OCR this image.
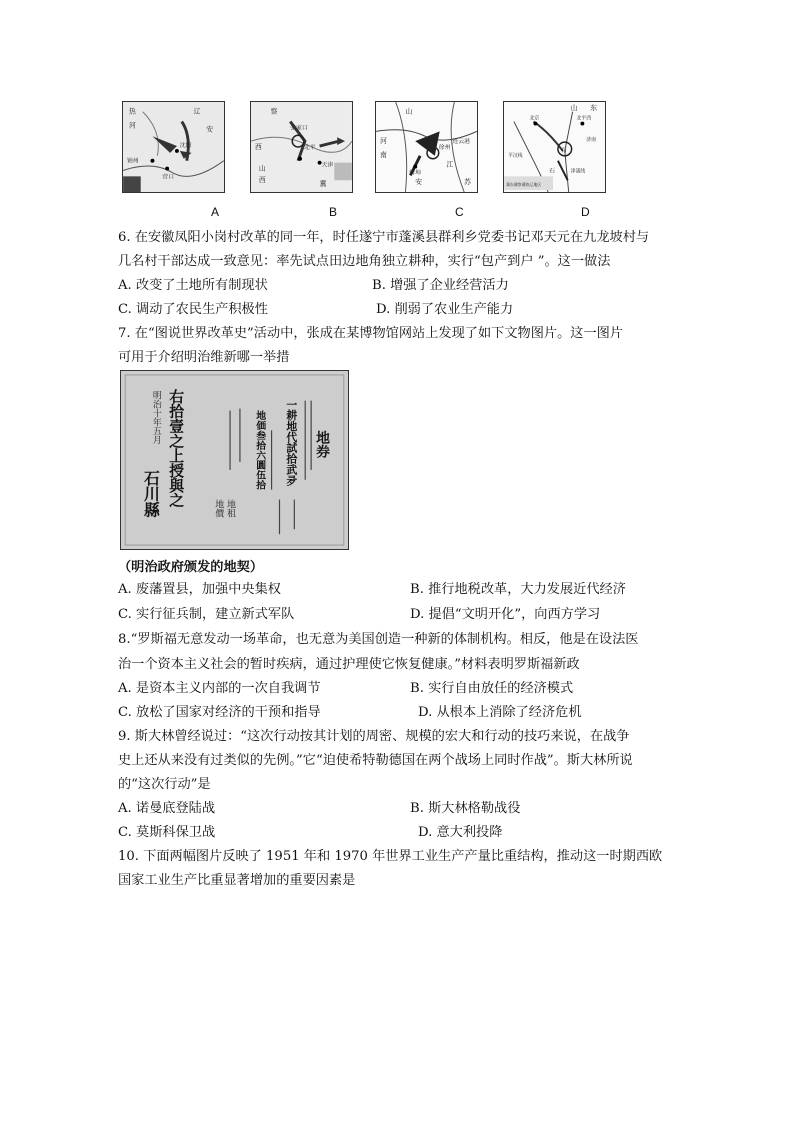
辽
安
热
河
锦州
沈阳
营口
察
山
西
张家口
北平
天津
冀
西
山
河
南
徐州
连云港
江
安
蚌埠
苏
山 东
平汉线
津浦线
石
北京	北平西
冀东冀察冀热辽地区
石
济南
A	B	C	D
6. 在安徽凤阳小岗村改革的同一年，时任遂宁市蓬溪县群利乡党委书记邓天元在九龙坡村与
几名村干部达成一致意见：率先试点田边地角独立耕种，实行“包产到户 ”。这一做法
A. 改变了土地所有制现状	B. 增强了企业经营活力
C. 调动了农民生产积极性	D. 削弱了农业生产能力
7. 在“图说世界改革史”活动中，张成在某博物馆网站上发现了如下文物图片。这一图片
可用于介绍明治维新哪一举措
右拾壹之上授與之
明治十年五月
石川縣
地券
一耕地代試拾武夛
地價 地租
地価叁拾六圓伍拾
（明治政府颁发的地契）
A. 废藩置县，加强中央集权	B. 推行地税改革，大力发展近代经济
C. 实行征兵制，建立新式军队	D. 提倡“文明开化”，向西方学习
8.“罗斯福无意发动一场革命，也无意为美国创造一种新的体制机构。相反，他是在设法医
治一个资本主义社会的暂时疾病，通过护理使它恢复健康。”材料表明罗斯福新政
A. 是资本主义内部的一次自我调节	B. 实行自由放任的经济模式
C. 放松了国家对经济的干预和指导	D. 从根本上消除了经济危机
9. 斯大林曾经说过：“这次行动按其计划的周密、规模的宏大和行动的技巧来说，在战争
史上还从来没有过类似的先例。”它“迫使希特勒德国在两个战场上同时作战”。斯大林所说
的“这次行动”是
A. 诺曼底登陆战	B. 斯大林格勒战役
C. 莫斯科保卫战	D. 意大利投降
10. 下面两幅图片反映了 1951 年和 1970 年世界工业生产产量比重结构，推动这一时期西欧
国家工业生产比重显著增加的重要因素是
